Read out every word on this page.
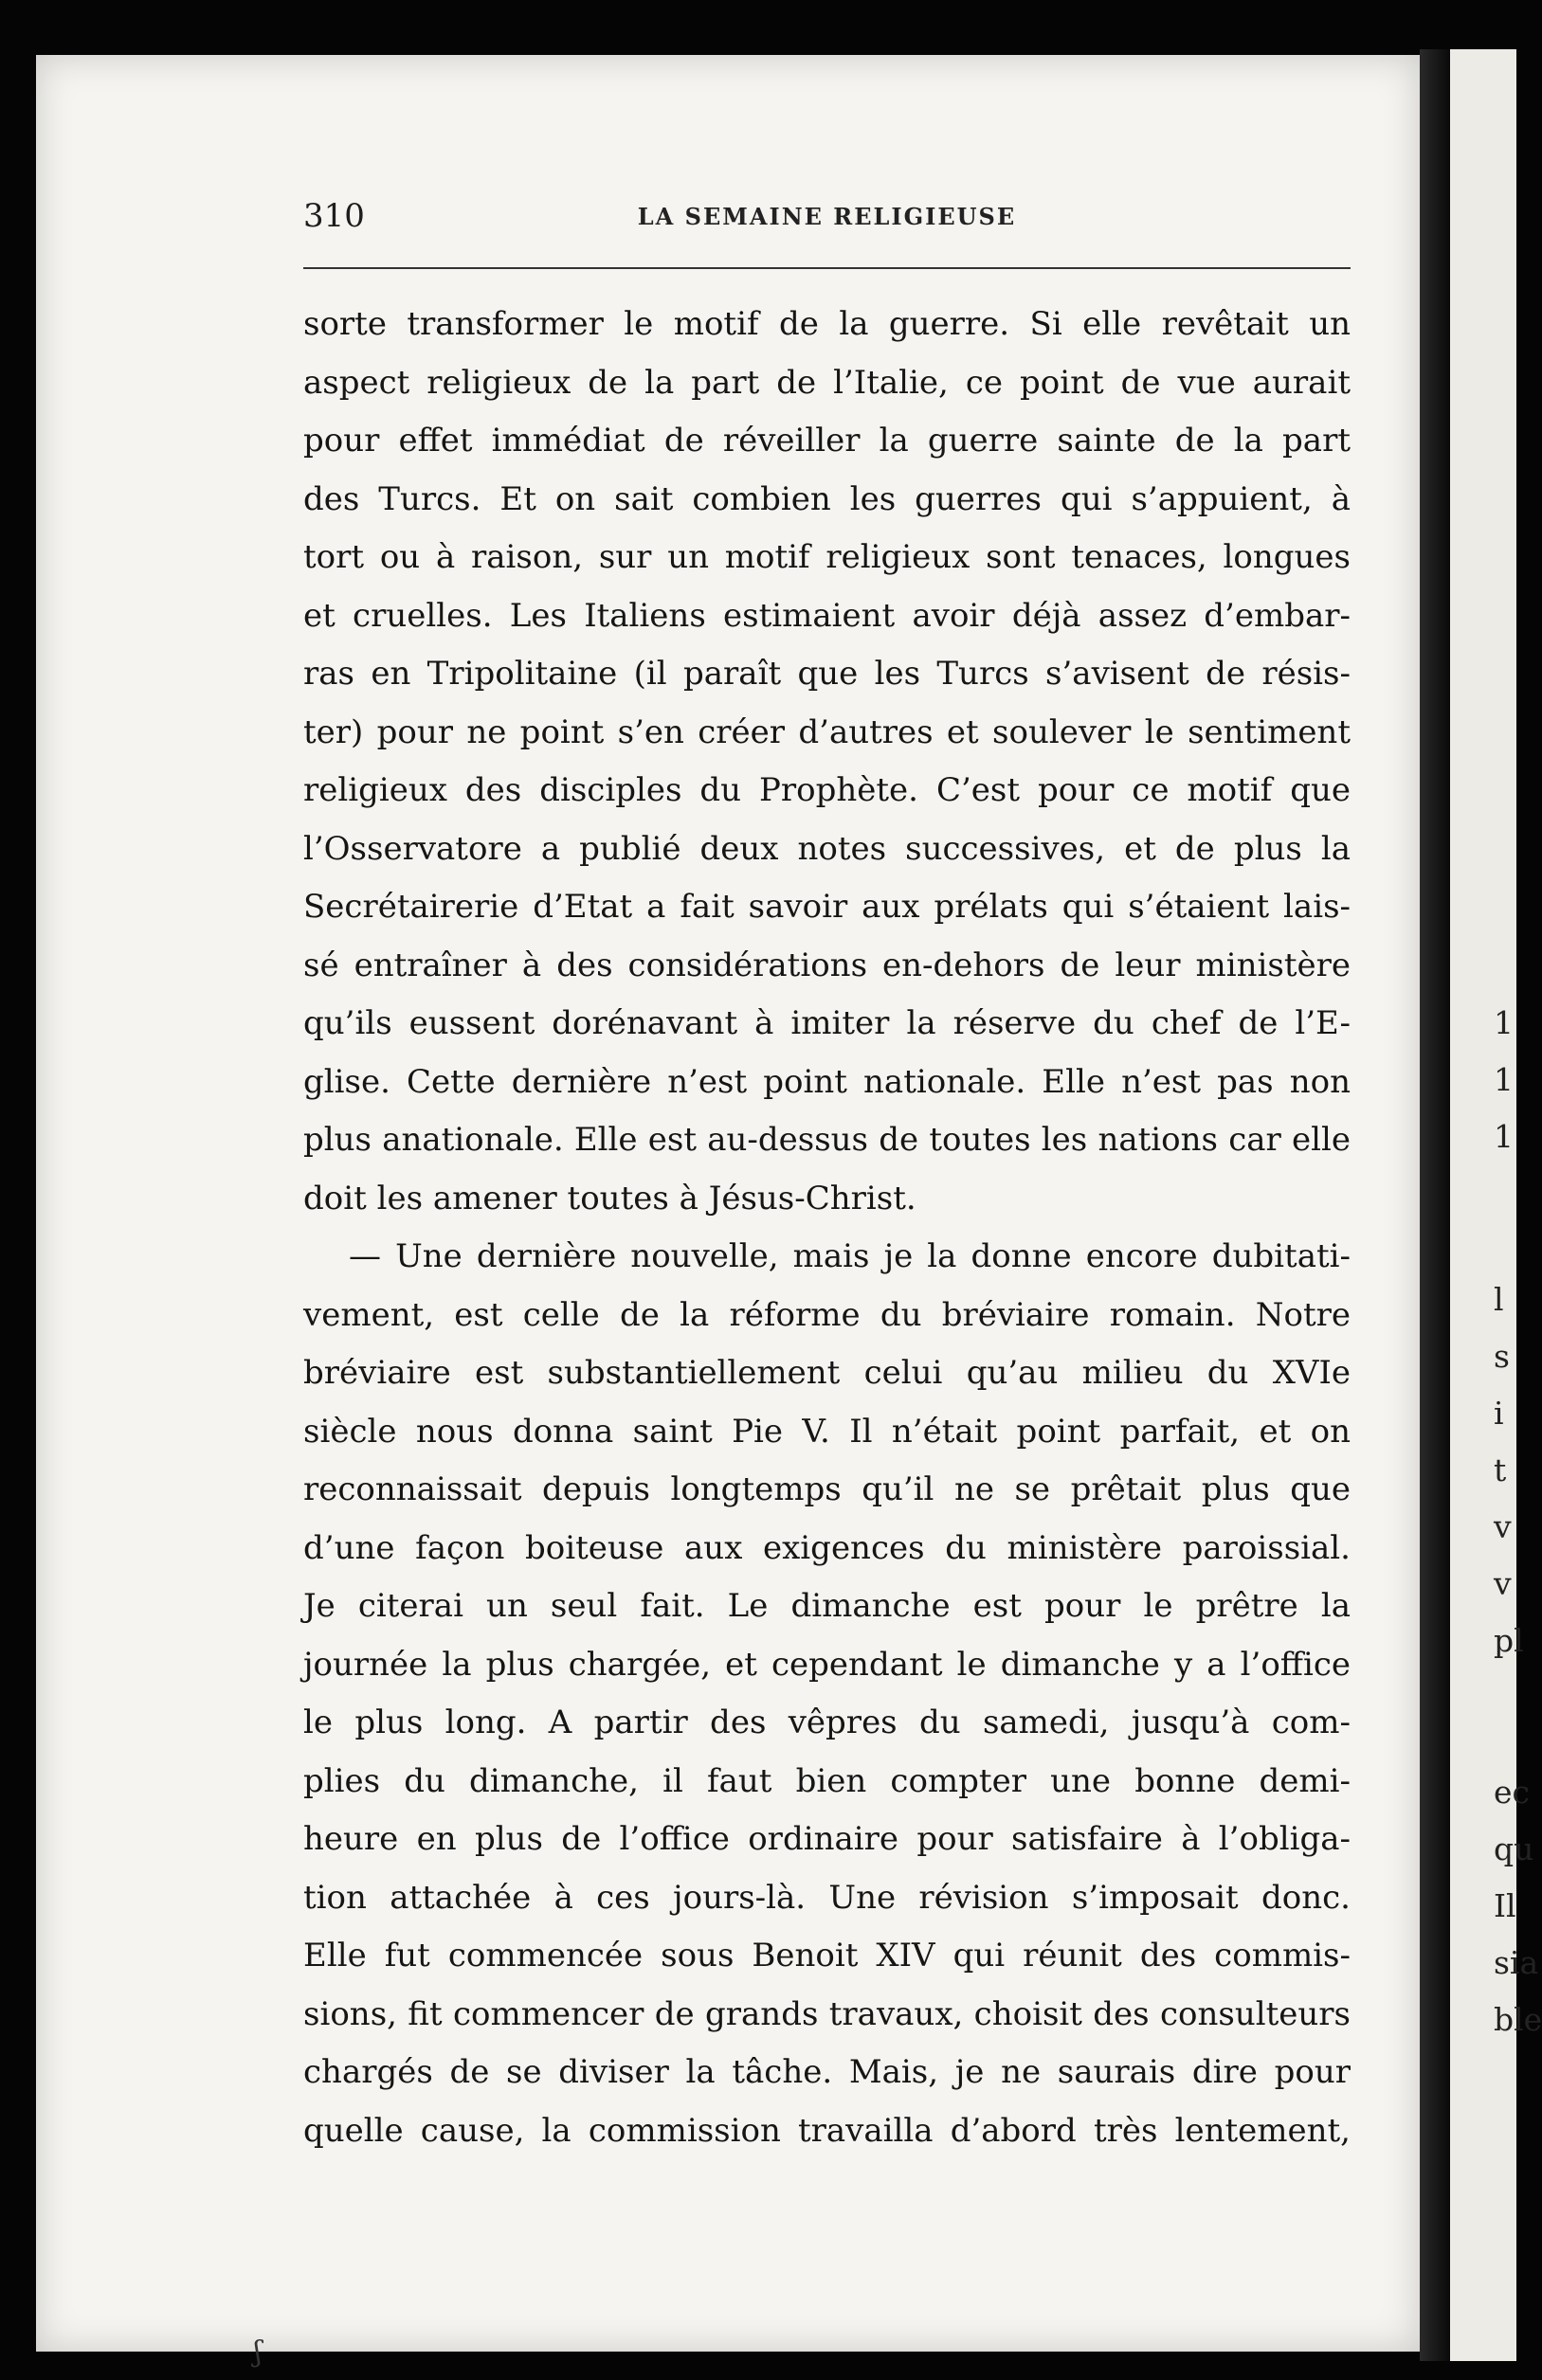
1

1

1

l

s

i

t

v

v

pl

ec

qu

Il

sia

ble

310	LA SEMAINE RELIGIEUSE

sorte transformer le motif de la guerre. Si elle revêtait un

aspect religieux de la part de l’Italie, ce point de vue aurait

pour effet immédiat de réveiller la guerre sainte de la part

des Turcs. Et on sait combien les guerres qui s’appuient, à

tort ou à raison, sur un motif religieux sont tenaces, longues

et cruelles. Les Italiens estimaient avoir déjà assez d’embar-

ras en Tripolitaine (il paraît que les Turcs s’avisent de résis-

ter) pour ne point s’en créer d’autres et soulever le sentiment

religieux des disciples du Prophète. C’est pour ce motif que

l’Osservatore a publié deux notes successives, et de plus la

Secrétairerie d’Etat a fait savoir aux prélats qui s’étaient lais-

sé entraîner à des considérations en-dehors de leur ministère

qu’ils eussent dorénavant à imiter la réserve du chef de l’E-

glise. Cette dernière n’est point nationale. Elle n’est pas non

plus anationale. Elle est au-dessus de toutes les nations car elle

doit les amener toutes à Jésus-Christ.

— Une dernière nouvelle, mais je la donne encore dubitati-

vement, est celle de la réforme du bréviaire romain. Notre

bréviaire est substantiellement celui qu’au milieu du XVIe

siècle nous donna saint Pie V. Il n’était point parfait, et on

reconnaissait depuis longtemps qu’il ne se prêtait plus que

d’une façon boiteuse aux exigences du ministère paroissial.

Je citerai un seul fait. Le dimanche est pour le prêtre la

journée la plus chargée, et cependant le dimanche y a l’office

le plus long. A partir des vêpres du samedi, jusqu’à com-

plies du dimanche, il faut bien compter une bonne demi-

heure en plus de l’office ordinaire pour satisfaire à l’obliga-

tion attachée à ces jours-là. Une révision s’imposait donc.

Elle fut commencée sous Benoit XIV qui réunit des commis-

sions, fit commencer de grands travaux, choisit des consulteurs

chargés de se diviser la tâche. Mais, je ne saurais dire pour

quelle cause, la commission travailla d’abord très lentement,

ʃ
